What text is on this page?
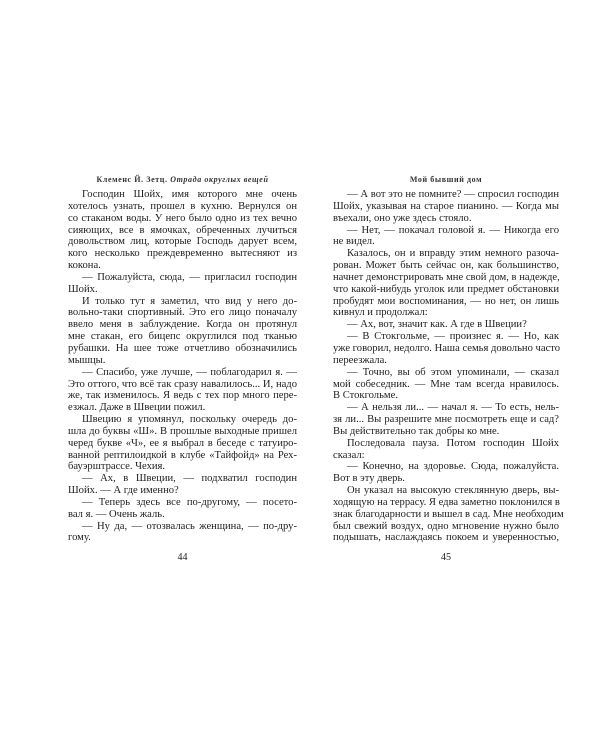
Клеменс Й. Зетц. Отрада округлых вещей
Господин Шойх, имя которого мне очень
хотелось узнать, прошел в кухню. Вернулся он
со стаканом воды. У него было одно из тех вечно
сияющих, все в ямочках, обреченных лучиться
довольством лиц, которые Господь дарует всем,
кого несколько преждевременно вытесняют из
кокона.
— Пожалуйста, сюда, — пригласил господин
Шойх.
И только тут я заметил, что вид у него до-
вольно-таки спортивный. Это его лицо поначалу
ввело меня в заблуждение. Когда он протянул
мне стакан, его бицепс округлился под тканью
рубашки. На шее тоже отчетливо обозначились
мышцы.
— Спасибо, уже лучше, — поблагодарил я. —
Это оттого, что всё так сразу навалилось... И, надо
же, так изменилось. Я ведь с тех пор много пере-
езжал. Даже в Швеции пожил.
Швецию я упомянул, поскольку очередь до-
шла до буквы «Ш». В прошлые выходные пришел
черед букве «Ч», ее я выбрал в беседе с татуиро-
ванной рептилоидкой в клубе «Тайфойд» на Рех-
бауэрштрассе. Чехия.
— Ах, в Швеции, — подхватил господин
Шойх. — А где именно?
— Теперь здесь все по-другому, — посето-
вал я. — Очень жаль.
— Ну да, — отозвалась женщина, — по-дру-
гому.
44
Мой бывший дом
— А вот это не помните? — спросил господин
Шойх, указывая на старое пианино. — Когда мы
въехали, оно уже здесь стояло.
— Нет, — покачал головой я. — Никогда его
не видел.
Казалось, он и вправду этим немного разоча-
рован. Может быть сейчас он, как большинство,
начнет демонстрировать мне свой дом, в надежде,
что какой-нибудь уголок или предмет обстановки
пробудят мои воспоминания, — но нет, он лишь
кивнул и продолжал:
— Ах, вот, значит как. А где в Швеции?
— В Стокгольме, — произнес я. — Но, как
уже говорил, недолго. Наша семья довольно часто
переезжала.
— Точно, вы об этом упоминали, — сказал
мой собеседник. — Мне там всегда нравилось.
В Стокгольме.
— А нельзя ли... — начал я. — То есть, нель-
зя ли... Вы разрешите мне посмотреть еще и сад?
Вы действительно так добры ко мне.
Последовала пауза. Потом господин Шойх
сказал:
— Конечно, на здоровье. Сюда, пожалуйста.
Вот в эту дверь.
Он указал на высокую стеклянную дверь, вы-
ходящую на террасу. Я едва заметно поклонился в
знак благодарности и вышел в сад. Мне необходим
был свежий воздух, одно мгновение нужно было
подышать, наслаждаясь покоем и уверенностью,
45
